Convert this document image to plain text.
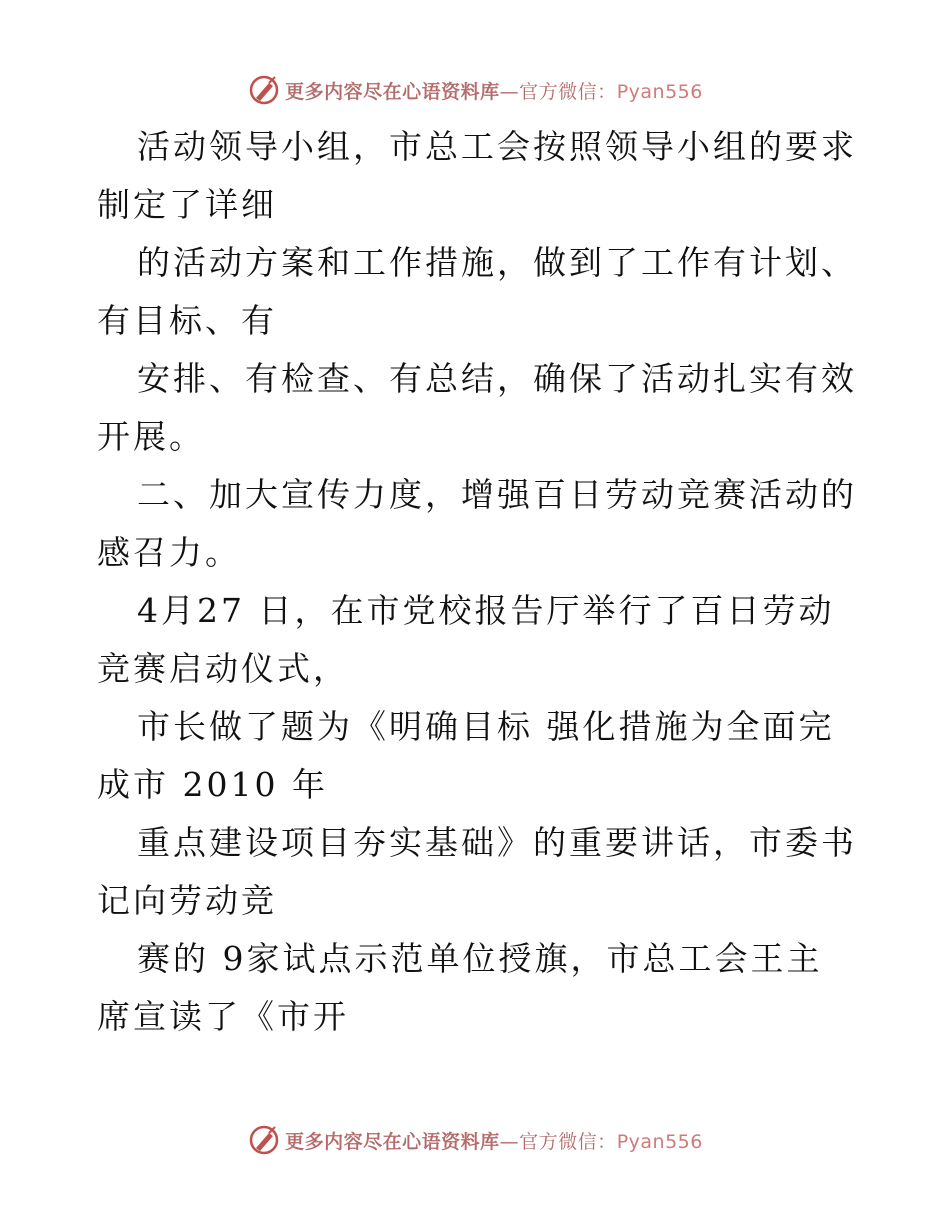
更多内容尽在心语资料库—官方微信：Pyan556

活动领导小组，市总工会按照领导小组的要求制定了详细

的活动方案和工作措施，做到了工作有计划、有目标、有

安排、有检查、有总结，确保了活动扎实有效开展。

二、加大宣传力度，增强百日劳动竞赛活动的感召力。

4月27 日，在市党校报告厅举行了百日劳动竞赛启动仪式，

市长做了题为《明确目标 强化措施为全面完成市 2010 年

重点建设项目夯实基础》的重要讲话，市委书记向劳动竞

赛的 9家试点示范单位授旗，市总工会王主席宣读了《市开

更多内容尽在心语资料库—官方微信：Pyan556
